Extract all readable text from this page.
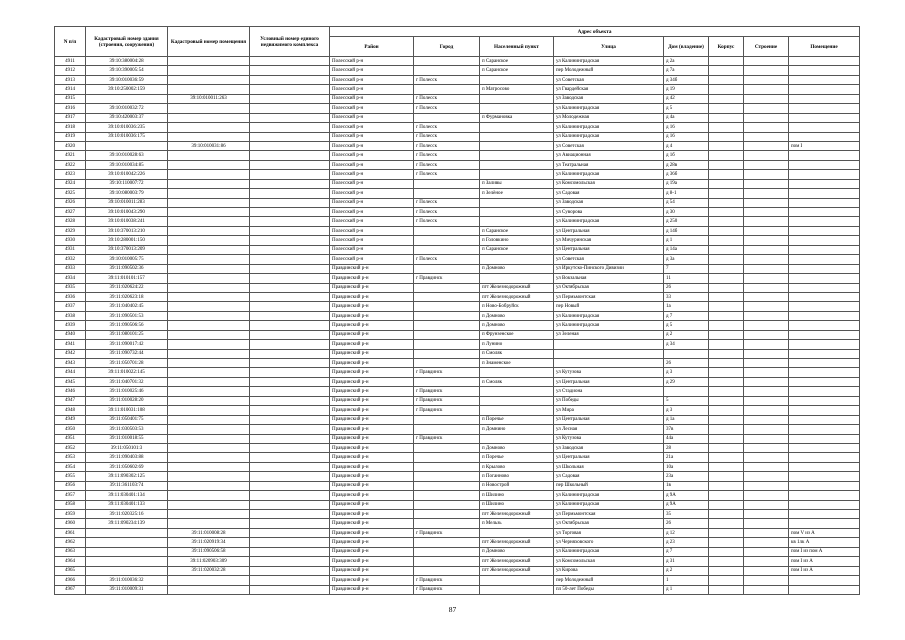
N п/п	Кадастровый номер здания (строения, сооружения)	Кадастровый номер помещения	Условный номер единого недвижимого комплекса	Адрес объекта							
				Район	Город	Населенный пункт	Улица	Дом (владение)	Корпус	Строение	Помещение
4911	39:10:380004:28			Полесский р-н		п Саранское	ул Калининградская	д 2а			
4912	39:10:390005:54			Полесский р-н		п Саранское	пер Молодежный	д 7а			
4913	39:10:010036:59			Полесский р-н	г Полесск		ул Советская	д 34б			
4914	39:10:250002:159			Полесский р-н		п Матросово	ул Гвардейская	д 19			
4915		39:10:010011:263		Полесский р-н	г Полесск		ул Заводская	д 42			
4916	39:10:010032:72			Полесский р-н	г Полесск		ул Калининградская	д 5			
4917	39:10:420003:37			Полесский р-н		п Фурмановка	ул Молодежная	д 4а			
4918	39:10:010036:235			Полесский р-н	г Полесск		ул Калининградская	д 16			
4919	39:10:010036:175			Полесский р-н	г Полесск		ул Калининградская	д 16			
4920		39:10:010031:86		Полесский р-н	г Полесск		ул Советская	д 4			пом I
4921	39:10:010028:63			Полесский р-н	г Полесск		ул Авиационная	д 1б			
4922	39:10:010034:85			Полесский р-н	г Полесск		ул Театральная	д 28в			
4923	39:10:010042:226			Полесский р-н	г Полесск		ул Калининградская	д 36б			
4924	39:10:110007:72			Полесский р-н		п Заливы	ул Комсомольская	д 19а			
4925	39:10:080003:79			Полесский р-н		п Зелёное	ул Садовая	д 8-1			
4926	39:10:010011:283			Полесский р-н	г Полесск		ул Заводская	д 54			
4927	39:10:010043:290			Полесский р-н	г Полесск		ул Суворова	д 30			
4928	39:10:010038:241			Полесский р-н	г Полесск		ул Калининградская	д 250			
4929	39:10:370013:210			Полесский р-н		п Саранское	ул Центральная	д 14б			
4930	39:10:280001:150			Полесский р-н		п Головкино	ул Мичуринская	д 1			
4931	39:10:370013:209			Полесский р-н		п Саранское	ул Центральная	д 14а			
4932	39:10:010005:75			Полесский р-н	г Полесск		ул Советская	д 3а			
4933	39:11:090502:36			Правдинский р-н		п Домново	ул Иркутско-Пинского Дивизии	7			
4934	39:11:010101:157			Правдинский р-н	г Правдинск		ул Вокзальная	11			
4935	39:11:020624:22			Правдинский р-н		пгт Железнодорожный	ул Октябрьская	26			
4936	39:11:020623:18			Правдинский р-н		пгт Железнодорожный	ул Пермьмонтская	33			
4937	39:11:040402:45			Правдинский р-н		п Ново-Бобруйск	пер Новый	1а			
4938	39:11:090501:53			Правдинский р-н		п Домново	ул Калининградская	д 7			
4939	39:11:090506:56			Правдинский р-н		п Домново	ул Калининградская	д 5			
4940	39:11:080101:25			Правдинский р-н		п Фрунзенское	ул Зеленая	д 2			
4941	39:11:090017:42			Правдинский р-н		п Лунино		д 34			
4942	39:11:090732:44			Правдинский р-н		п Смоляк					
4943	39:11:050701:28			Правдинский р-н		п Знаменское		26			
4944	39:11:010022:145			Правдинский р-н	г Правдинск		ул Кутузова	д 3			
4945	39:11:040701:32			Правдинский р-н		п Смоляк	ул Центральная	д 29			
4946	39:11:010025:46			Правдинский р-н	г Правдинск		ул Стадиона				
4947	39:11:010028:20			Правдинский р-н	г Правдинск		ул Победы	5			
4948	39:11:010031:108			Правдинский р-н	г Правдинск		ул Мира	д 3			
4949	39:11:050401:75			Правдинский р-н		п Поречье	ул Центральная	д 1а			
4950	39:11:030503:53			Правдинский р-н		п Домнино	ул Лесная	37в			
4951	39:11:010018:55			Правдинский р-н	г Правдинск		ул Кутузова	44а			
4952	39:11:050101:3			Правдинский р-н		п Домново	ул Заводская	28			
4953	39:11:090403:88			Правдинский р-н		п Поречье	ул Центральная	21а			
4954	39:11:050602:69			Правдинский р-н		п Крылово	ул Школьная	10а			
4955	39:11:090302:125			Правдинский р-н		п Поганново	ул Садовая	23а			
4956	39:11:361103:74			Правдинский р-н		п Новострой	пер Школьный	1в			
4957	39:11:030401:134			Правдинский р-н		п Шилино	ул Калининградская	д 9А			
4958	39:11:030401:133			Правдинский р-н		п Шилино	ул Калининградская	д 9А			
4959	39:11:020325:16			Правдинский р-н		пгт Железнодорожный	ул Пермьмонтская	35			
4960	39:11:090234:139			Правдинский р-н		п Мельзь	ул Октябрьская	26			
4961		39:11:010008:28		Правдинский р-н	г Правдинск		ул Торговая	д 12			пом V из А
4962		39:11:020919:34		Правдинский р-н		пгт Железнодорожный	ул Черняховского	д 23			кв 1лк А
4963		39:11:090506:58		Правдинский р-н		п Домново	ул Калининградская	д 7			пом I из пом А
4964		39:11:020903:309		Правдинский р-н		пгт Железнодорожный	ул Комсомольская	д 31			пом I из А
4965		39:11:020032:28		Правдинский р-н		пгт Железнодорожный	ул Кирова	д 2			пом I из А
4966	39:11:010036:32			Правдинский р-н	г Правдинск		пер Молодежный	1			
4967	39:11:010009:31			Правдинский р-н	г Правдинск		пл 50-лет Победы	д 1			
87
